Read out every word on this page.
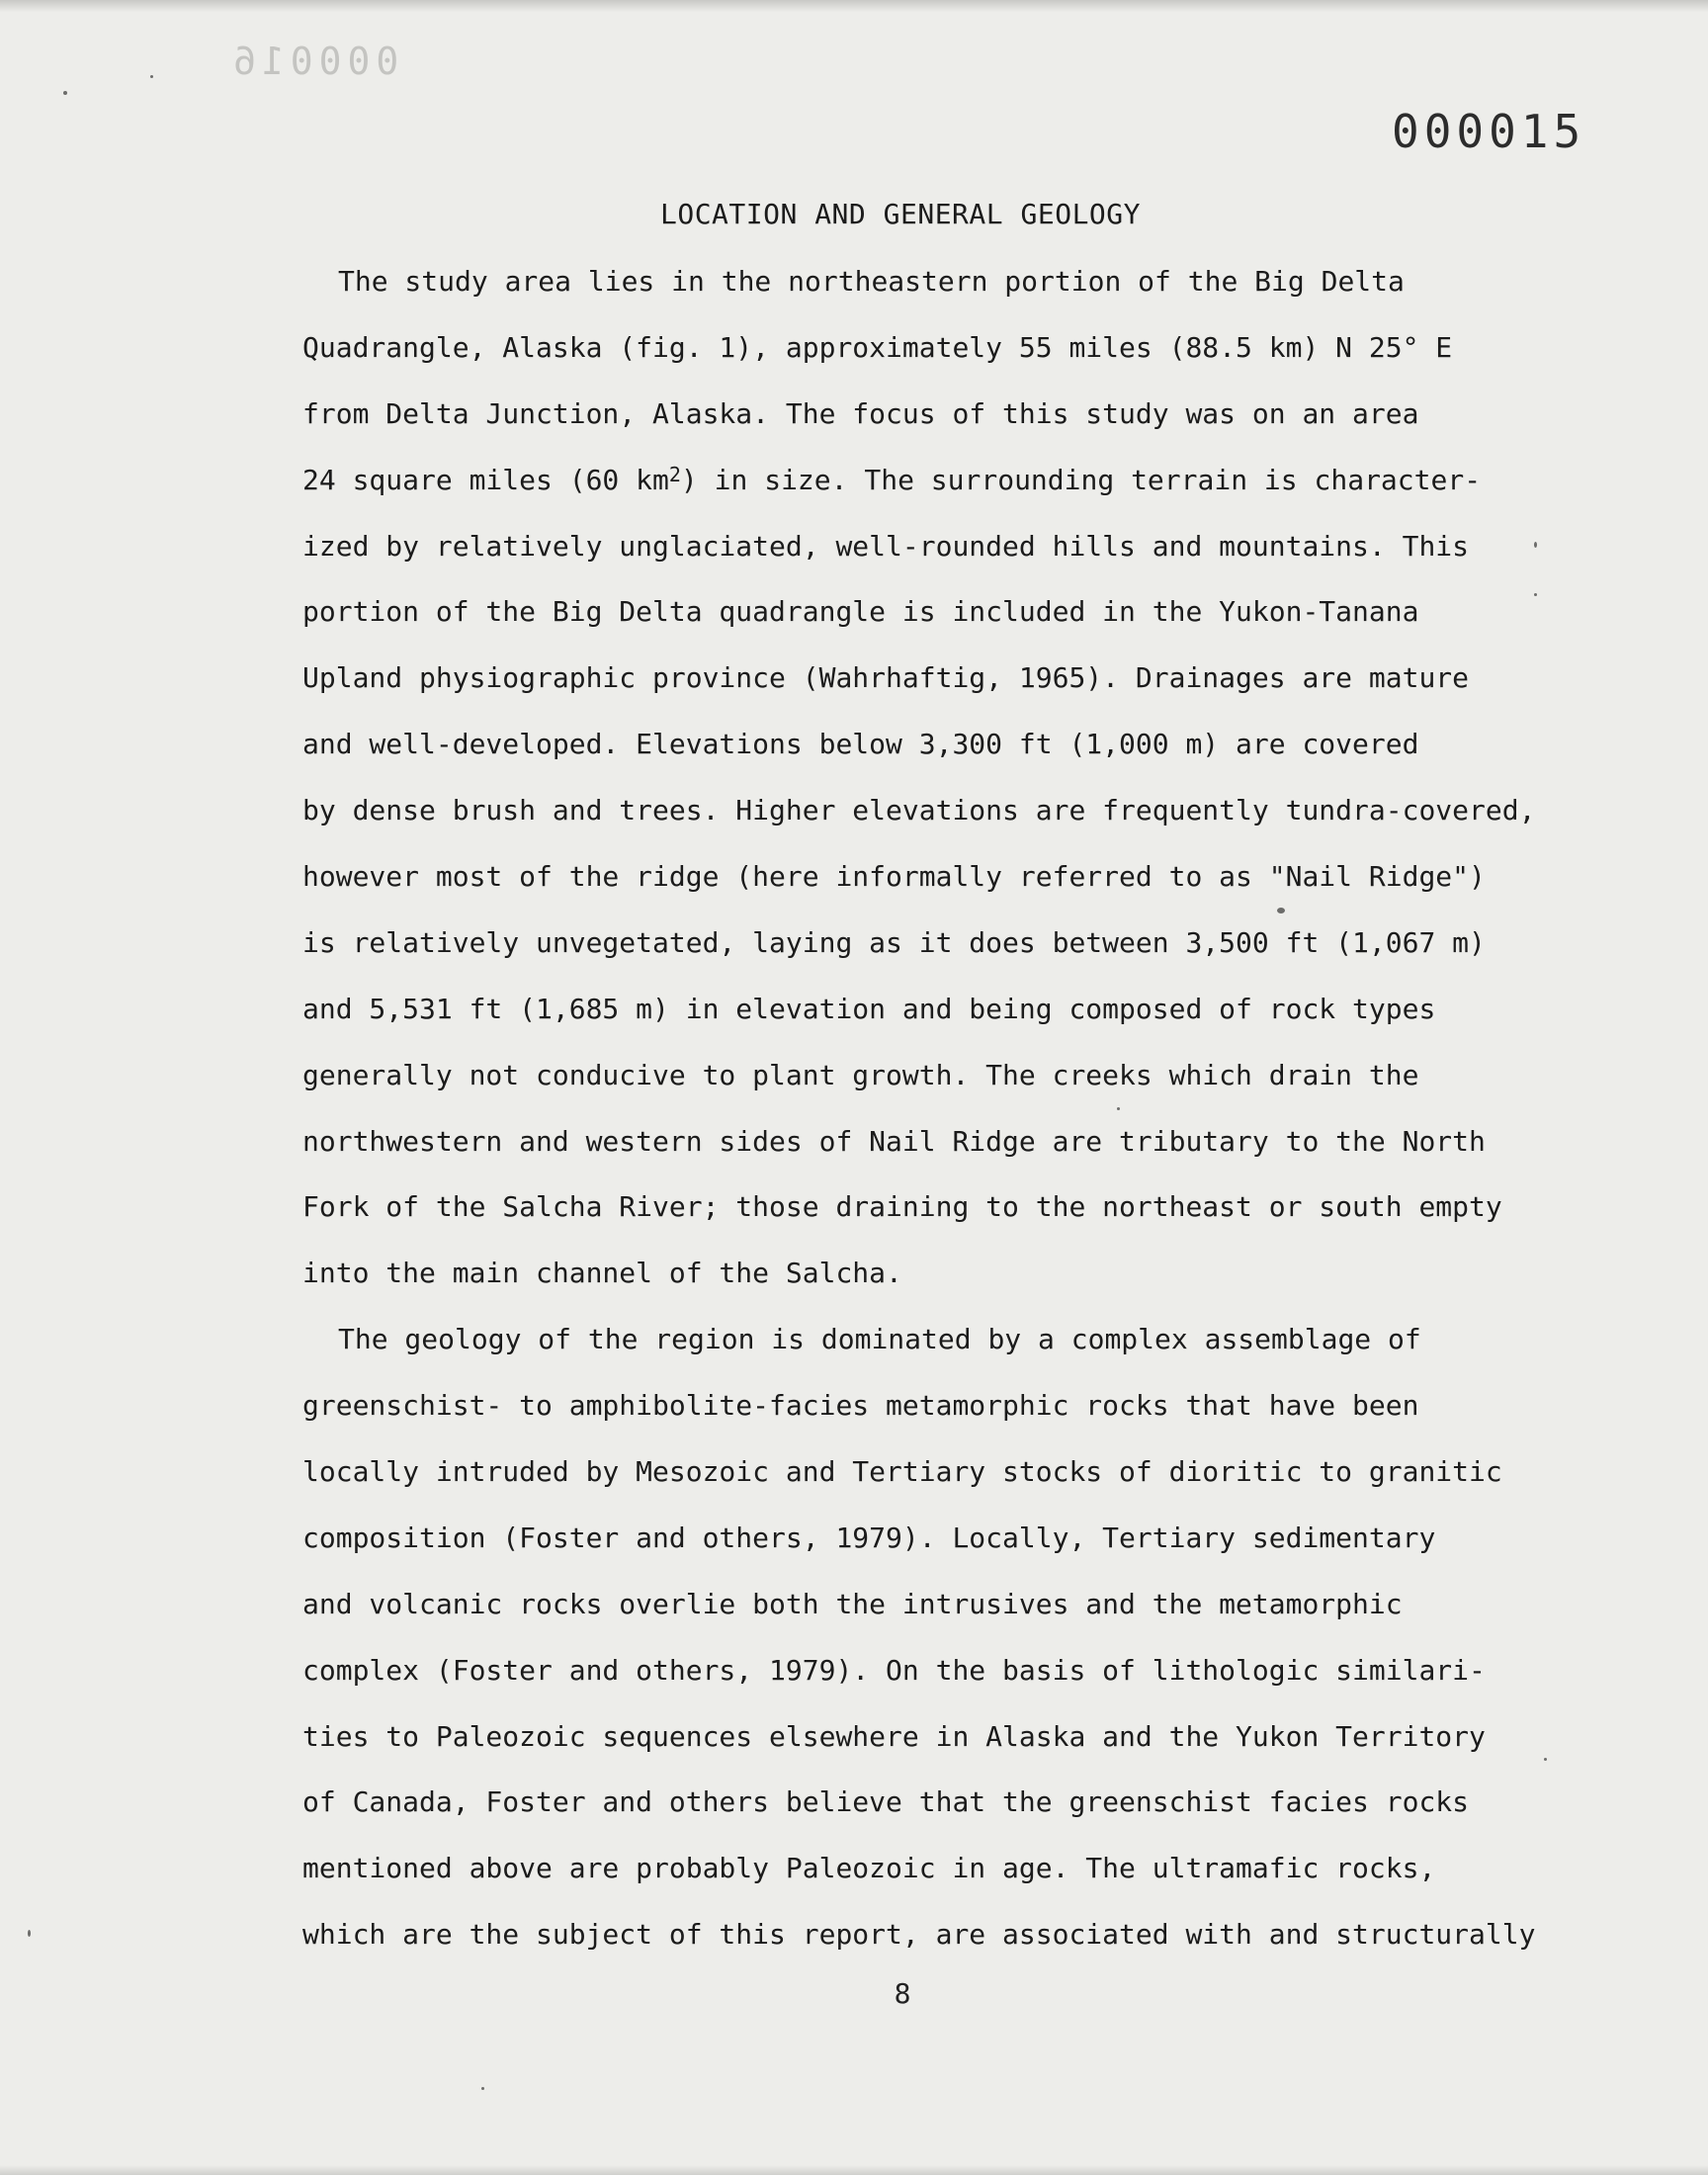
000016
000015
LOCATION AND GENERAL GEOLOGY
The study area lies in the northeastern portion of the Big Delta
Quadrangle, Alaska (fig. 1), approximately 55 miles (88.5 km) N 25° E
from Delta Junction, Alaska. The focus of this study was on an area
24 square miles (60 $km^2$) in size. The surrounding terrain is character-
ized by relatively unglaciated, well-rounded hills and mountains. This
portion of the Big Delta quadrangle is included in the Yukon-Tanana
Upland physiographic province (Wahrhaftig, 1965). Drainages are mature
and well-developed. Elevations below 3,300 ft (1,000 m) are covered
by dense brush and trees. Higher elevations are frequently tundra-covered,
however most of the ridge (here informally referred to as "Nail Ridge")
is relatively unvegetated, laying as it does between 3,500 ft (1,067 m)
and 5,531 ft (1,685 m) in elevation and being composed of rock types
generally not conducive to plant growth. The creeks which drain the
northwestern and western sides of Nail Ridge are tributary to the North
Fork of the Salcha River; those draining to the northeast or south empty
into the main channel of the Salcha.
The geology of the region is dominated by a complex assemblage of
greenschist- to amphibolite-facies metamorphic rocks that have been
locally intruded by Mesozoic and Tertiary stocks of dioritic to granitic
composition (Foster and others, 1979). Locally, Tertiary sedimentary
and volcanic rocks overlie both the intrusives and the metamorphic
complex (Foster and others, 1979). On the basis of lithologic similari-
ties to Paleozoic sequences elsewhere in Alaska and the Yukon Territory
of Canada, Foster and others believe that the greenschist facies rocks
mentioned above are probably Paleozoic in age. The ultramafic rocks,
which are the subject of this report, are associated with and structurally
8
